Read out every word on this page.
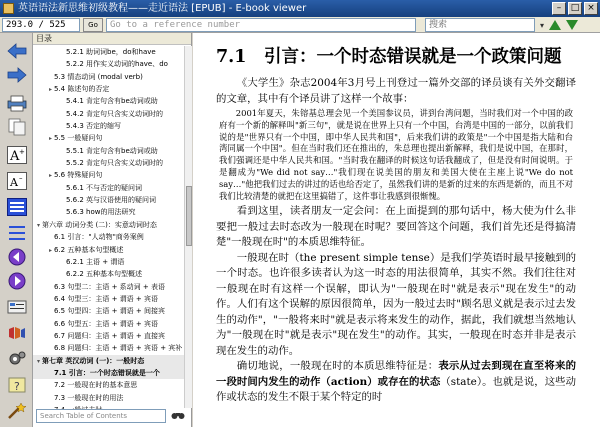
英语语法新思维初级教程——走近语法 [EPUB] - E-book viewer	–	□ ×
293.0 / 525	Go	Go to a reference number	搜索	▾
A +
A –
?
目录
5.2.1 助词词be，do和have
5.2.2 用作实义动词的have、do
5.3 情态动词 (modal verb)
▸ 5.4 陈述句的否定
5.4.1 肯定句含有be动词或助
5.4.2 肯定句只含实义动词时的
5.4.3 否定的缩写
▸ 5.5 一般疑问句
5.5.1 肯定句含有be动词或助
5.5.2 肯定句只含实义动词时的
▸ 5.6 特殊疑问句
5.6.1 不与否定的疑问词
5.6.2 英与汉语使用的疑问词
5.6.3 how的用法研究
▾ 第六章 动词分类 (二)：实意动词时态
6.1 引言："人动物"商务案例
▸ 6.2 五种基本句型概述
6.2.1 主语 + 谓语
6.2.2 五种基本句型概述
6.3 句型二：主语 + 系动词 + 表语
6.4 句型三：主语 + 谓语 + 宾语
6.5 句型四：主语 + 谓语 + 间接宾
6.6 句型五：主语 + 谓语 + 宾语
6.7 问题归：主语 + 谓语 + 直接宾
6.8 问题归：主语 + 谓语 + 宾语 + 宾补
▾ 第七章 英汉动词 (一)：一般时态
7.1 引言：一个时态错误就是一个
7.2 一般现在时的基本意思
7.3 一般现在时的用法
Search Table of Contents
7.1　引言：一个时态错误就是一个政策问题

《大学生》杂志2004年3月号上刊登过一篇外交部的译员谈有关外交翻译的文章，其中有个译员讲了这样一个故事：

2001年夏天，朱镕基总理会见一个美国参议员，讲到台湾问题，当时我们对一个中国的政府有一个新的解释叫"新三句"，就是说在世界上只有一个中国，台湾是中国的一部分，以前我们说的是"世界只有一个中国，即中华人民共和国"，后来我们讲的政策是"一个中国是指大陆和台湾同属一个中国"。但在当时我们还在推出的，朱总理也提出新解释，我们是说中国，在那时，我们强调还是中华人民共和国。"当时我在翻译的时候这句话我翻成了，但是没有时间说明。于是翻成为"We did not say…"我们现在说美国的朋友和美国大使在主座上说"We do not say…"他把我们过去的讲过的话也给否定了，虽然我们讲的是新的过来的东西是新的，而且不对我们比较清楚的就把在这里搞错了，这件事让我感到很惭愧。

看到这里，读者朋友一定会问：在上面提到的那句话中，杨大使为什么非要把一般过去时态改为一般现在时呢？要回答这个问题，我们首先还是得搞清楚"一般现在时"的本质思维特征。

一般现在时（the present simple tense）是我们学英语时最早接触到的一个时态。也许很多读者认为这一时态的用法很简单，其实不然。我们往往对一般现在时有这样一个误解，即认为"一般现在时"就是表示"现在发生"的动作。人们有这个误解的原因很简单，因为一般过去时"顾名思义就是表示过去发生的动作"，"一般将来时"就是表示将来发生的动作，据此，我们就想当然地认为"一般现在时"就是表示"现在发生"的动作。其实，一般现在时态并非是表示现在发生的动作。

确切地说，一般现在时的本质思维特征是：表示从过去到现在直至将来的一段时间内发生的动作（action）或存在的状态（state）。也就是说，这些动作或状态的发生不限于某个特定的时
